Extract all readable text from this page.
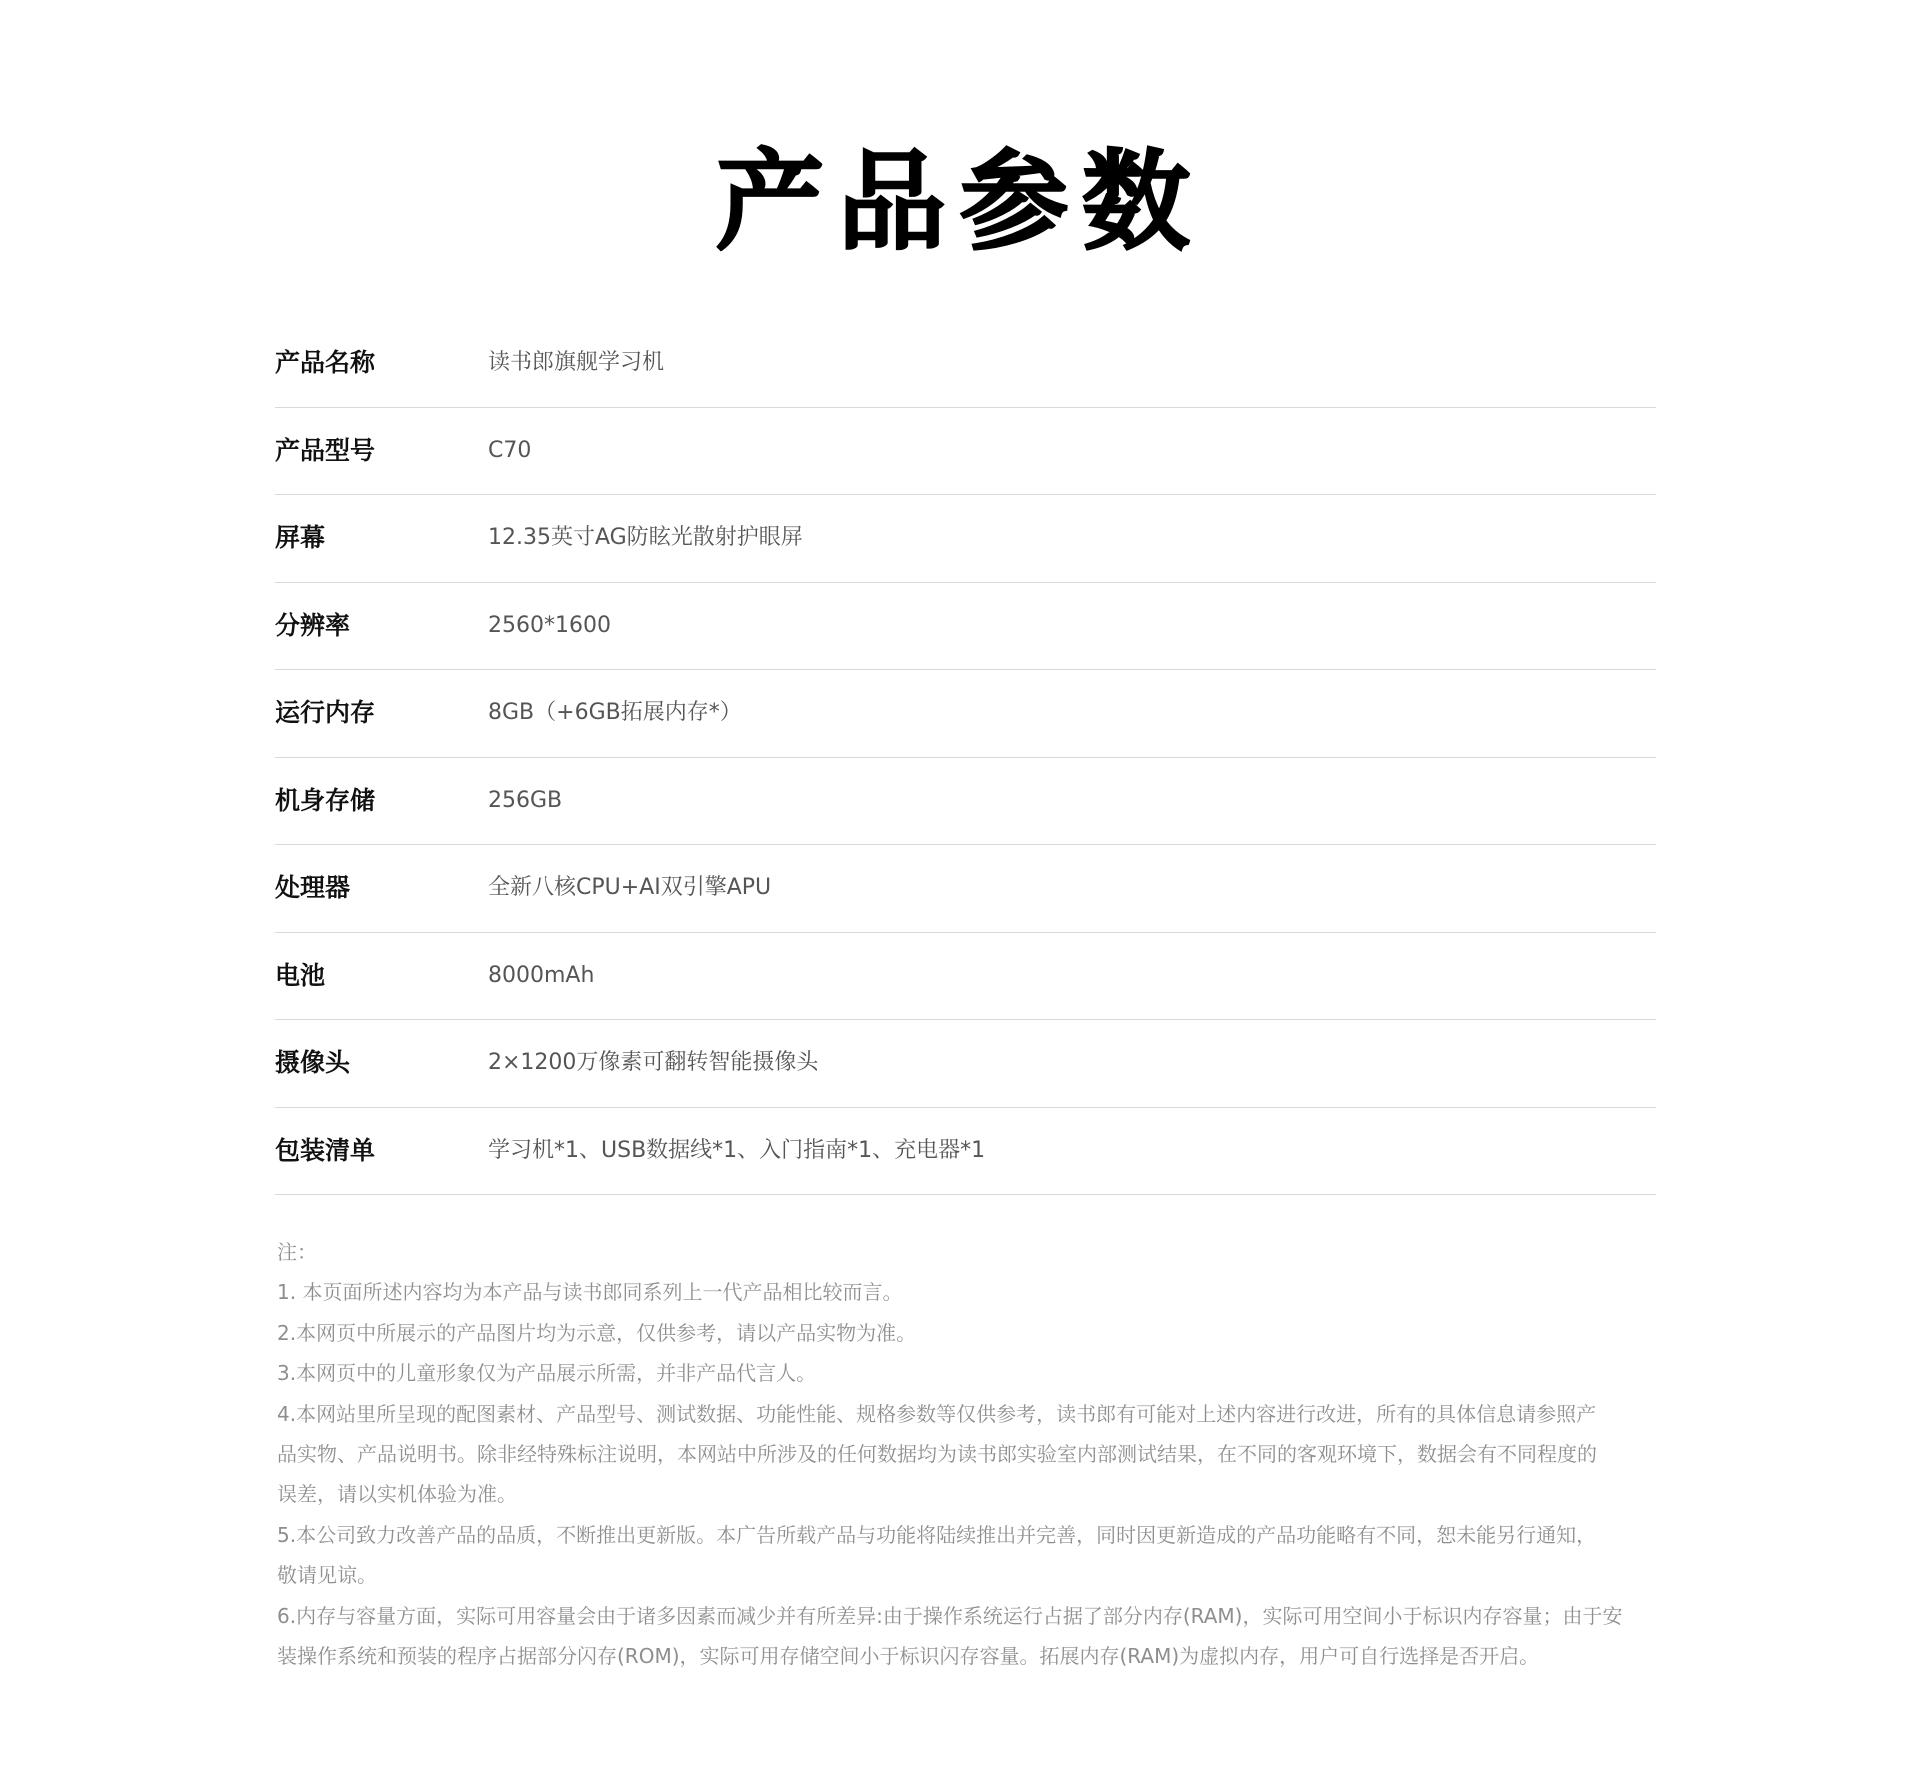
产品参数
产品名称	读书郎旗舰学习机
产品型号	C70
屏幕	12.35英寸AG防眩光散射护眼屏
分辨率	2560*1600
运行内存	8GB（+6GB拓展内存*）
机身存储	256GB
处理器	全新八核CPU+AI双引擎APU
电池	8000mAh
摄像头	2×1200万像素可翻转智能摄像头
包装清单	学习机*1、USB数据线*1、入门指南*1、充电器*1
注：
1. 本页面所述内容均为本产品与读书郎同系列上一代产品相比较而言。
2.本网页中所展示的产品图片均为示意，仅供参考，请以产品实物为准。
3.本网页中的儿童形象仅为产品展示所需，并非产品代言人。
4.本网站里所呈现的配图素材、产品型号、测试数据、功能性能、规格参数等仅供参考，读书郎有可能对上述内容进行改进，所有的具体信息请参照产
品实物、产品说明书。除非经特殊标注说明，本网站中所涉及的任何数据均为读书郎实验室内部测试结果，在不同的客观环境下，数据会有不同程度的
误差，请以实机体验为准。
5.本公司致力改善产品的品质，不断推出更新版。本广告所载产品与功能将陆续推出并完善，同时因更新造成的产品功能略有不同，恕未能另行通知，
敬请见谅。
6.内存与容量方面，实际可用容量会由于诸多因素而减少并有所差异:由于操作系统运行占据了部分内存(RAM)，实际可用空间小于标识内存容量；由于安
装操作系统和预装的程序占据部分闪存(ROM)，实际可用存储空间小于标识闪存容量。拓展内存(RAM)为虚拟内存，用户可自行选择是否开启。
